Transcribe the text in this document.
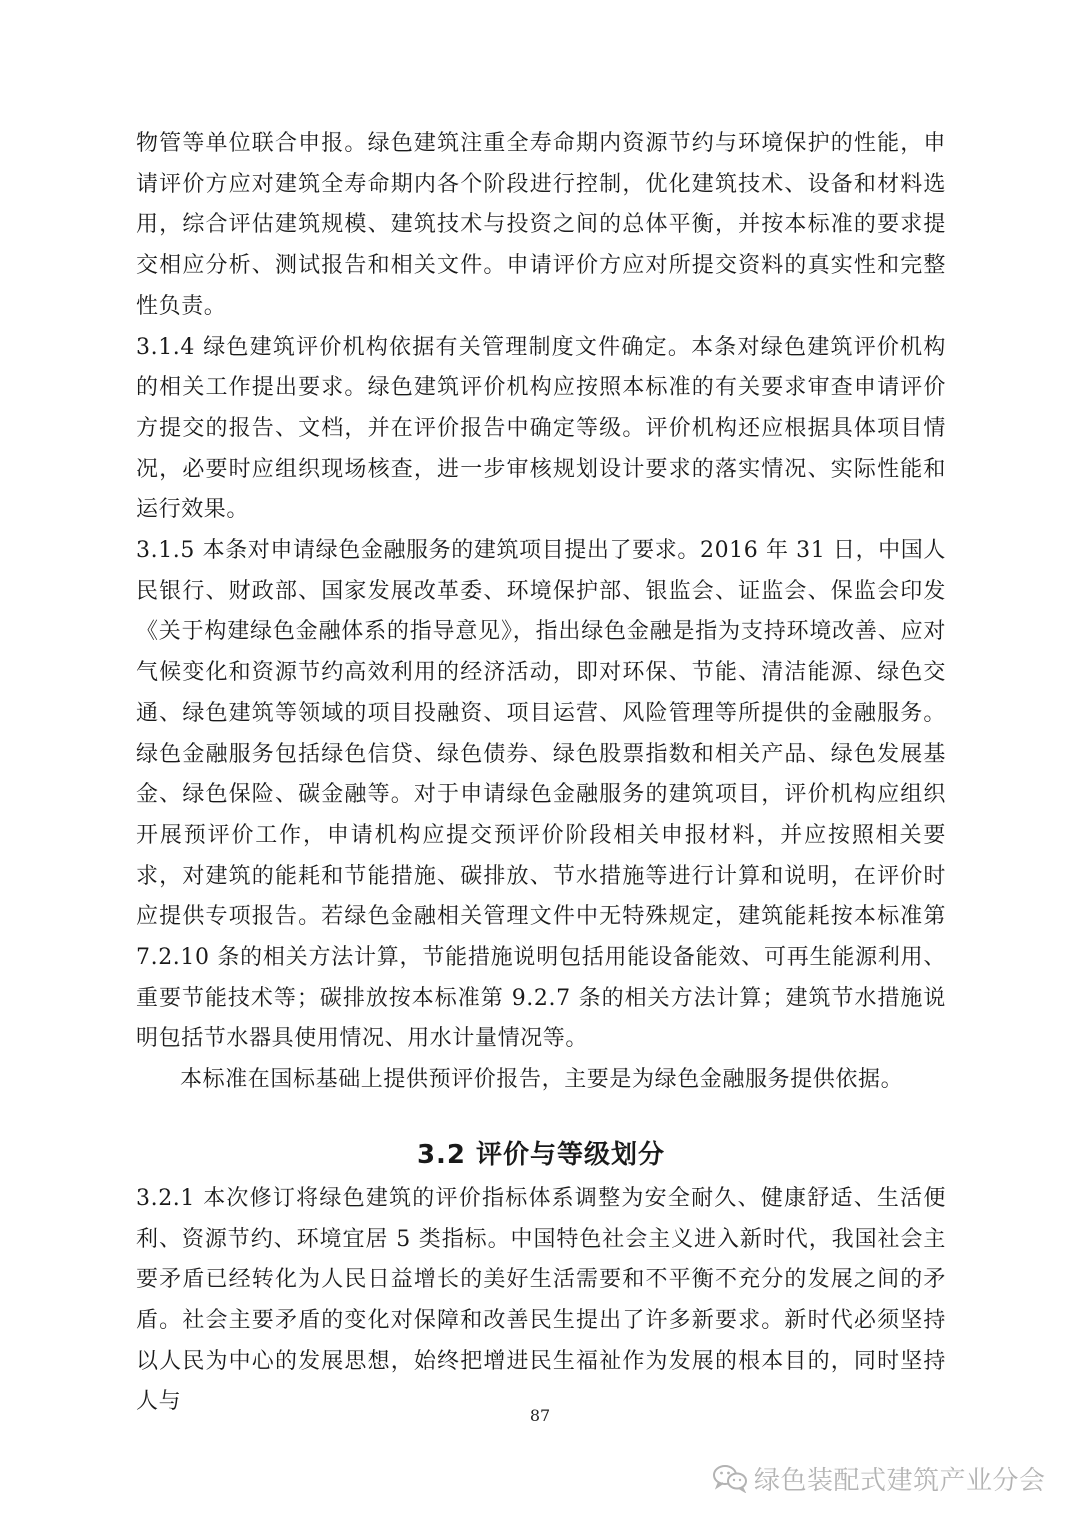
物管等单位联合申报。绿色建筑注重全寿命期内资源节约与环境保护的性能，申请评价方应对建筑全寿命期内各个阶段进行控制，优化建筑技术、设备和材料选用，综合评估建筑规模、建筑技术与投资之间的总体平衡，并按本标准的要求提交相应分析、测试报告和相关文件。申请评价方应对所提交资料的真实性和完整性负责。

3.1.4 绿色建筑评价机构依据有关管理制度文件确定。本条对绿色建筑评价机构的相关工作提出要求。绿色建筑评价机构应按照本标准的有关要求审查申请评价方提交的报告、文档，并在评价报告中确定等级。评价机构还应根据具体项目情况，必要时应组织现场核查，进一步审核规划设计要求的落实情况、实际性能和运行效果。

3.1.5 本条对申请绿色金融服务的建筑项目提出了要求。2016 年 31 日，中国人民银行、财政部、国家发展改革委、环境保护部、银监会、证监会、保监会印发《关于构建绿色金融体系的指导意见》，指出绿色金融是指为支持环境改善、应对气候变化和资源节约高效利用的经济活动，即对环保、节能、清洁能源、绿色交通、绿色建筑等领域的项目投融资、项目运营、风险管理等所提供的金融服务。绿色金融服务包括绿色信贷、绿色债券、绿色股票指数和相关产品、绿色发展基金、绿色保险、碳金融等。对于申请绿色金融服务的建筑项目，评价机构应组织开展预评价工作，申请机构应提交预评价阶段相关申报材料，并应按照相关要求，对建筑的能耗和节能措施、碳排放、节水措施等进行计算和说明，在评价时应提供专项报告。若绿色金融相关管理文件中无特殊规定，建筑能耗按本标准第 7.2.10 条的相关方法计算，节能措施说明包括用能设备能效、可再生能源利用、重要节能技术等；碳排放按本标准第 9.2.7 条的相关方法计算；建筑节水措施说明包括节水器具使用情况、用水计量情况等。

本标准在国标基础上提供预评价报告，主要是为绿色金融服务提供依据。

3.2 评价与等级划分

3.2.1 本次修订将绿色建筑的评价指标体系调整为安全耐久、健康舒适、生活便利、资源节约、环境宜居 5 类指标。中国特色社会主义进入新时代，我国社会主要矛盾已经转化为人民日益增长的美好生活需要和不平衡不充分的发展之间的矛盾。社会主要矛盾的变化对保障和改善民生提出了许多新要求。新时代必须坚持以人民为中心的发展思想，始终把增进民生福祉作为发展的根本目的，同时坚持人与

87
绿色装配式建筑产业分会
